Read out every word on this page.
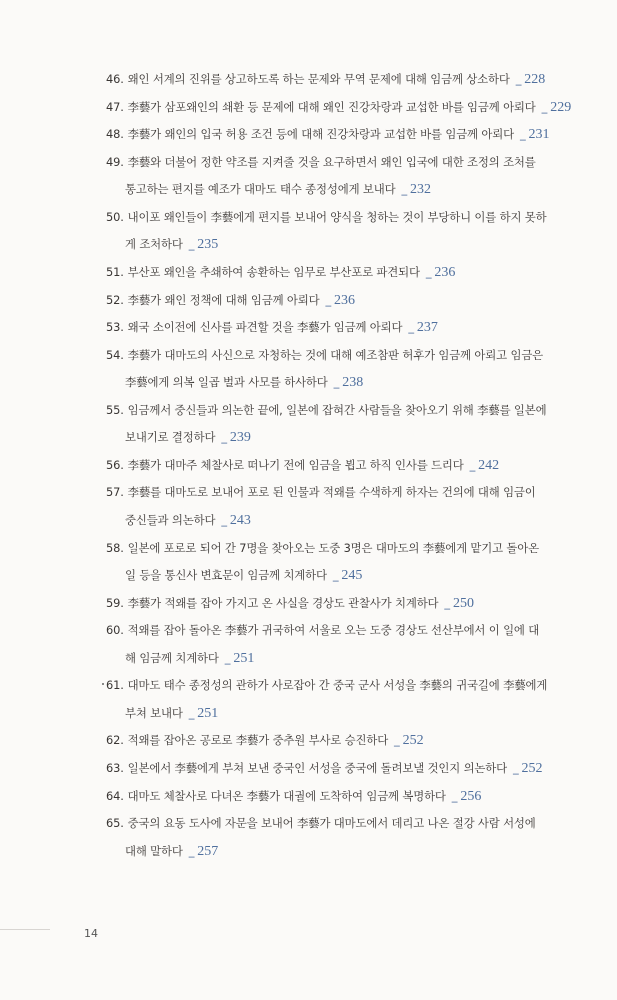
46. 왜인 서계의 진위를 상고하도록 하는 문제와 무역 문제에 대해 임금께 상소하다 _ 228
47. 李藝가 삼포왜인의 쇄환 등 문제에 대해 왜인 진강차랑과 교섭한 바를 임금께 아뢰다 _ 229
48. 李藝가 왜인의 입국 허용 조건 등에 대해 진강차랑과 교섭한 바를 임금께 아뢰다 _ 231
49. 李藝와 더불어 정한 약조를 지켜줄 것을 요구하면서 왜인 입국에 대한 조정의 조처를
통고하는 편지를 예조가 대마도 태수 종정성에게 보내다 _ 232
50. 내이포 왜인들이 李藝에게 편지를 보내어 양식을 청하는 것이 부당하니 이를 하지 못하
게 조처하다 _ 235
51. 부산포 왜인을 추쇄하여 송환하는 임무로 부산포로 파견되다 _ 236
52. 李藝가 왜인 정책에 대해 임금께 아뢰다 _ 236
53. 왜국 소이전에 신사를 파견할 것을 李藝가 임금께 아뢰다 _ 237
54. 李藝가 대마도의 사신으로 자청하는 것에 대해 예조참판 허후가 임금께 아뢰고 임금은
李藝에게 의복 일곱 벌과 사모를 하사하다 _ 238
55. 임금께서 중신들과 의논한 끝에, 일본에 잡혀간 사람들을 찾아오기 위해 李藝를 일본에
보내기로 결정하다 _ 239
56. 李藝가 대마주 체찰사로 떠나기 전에 임금을 뵙고 하직 인사를 드리다 _ 242
57. 李藝를 대마도로 보내어 포로 된 인물과 적왜를 수색하게 하자는 건의에 대해 임금이
중신들과 의논하다 _ 243
58. 일본에 포로로 되어 간 7명을 찾아오는 도중 3명은 대마도의 李藝에게 맡기고 돌아온
일 등을 통신사 변효문이 임금께 치계하다 _ 245
59. 李藝가 적왜를 잡아 가지고 온 사실을 경상도 관찰사가 치계하다 _ 250
60. 적왜를 잡아 돌아온 李藝가 귀국하여 서울로 오는 도중 경상도 선산부에서 이 일에 대
해 임금께 치계하다 _ 251
61. 대마도 태수 종정성의 관하가 사로잡아 간 중국 군사 서성을 李藝의 귀국길에 李藝에게
부쳐 보내다 _ 251
62. 적왜를 잡아온 공로로 李藝가 중추원 부사로 승진하다 _ 252
63. 일본에서 李藝에게 부쳐 보낸 중국인 서성을 중국에 돌려보낼 것인지 의논하다 _ 252
64. 대마도 체찰사로 다녀온 李藝가 대궐에 도착하여 임금께 복명하다 _ 256
65. 중국의 요동 도사에 자문을 보내어 李藝가 대마도에서 데리고 나온 절강 사람 서성에
대해 말하다 _ 257
14
